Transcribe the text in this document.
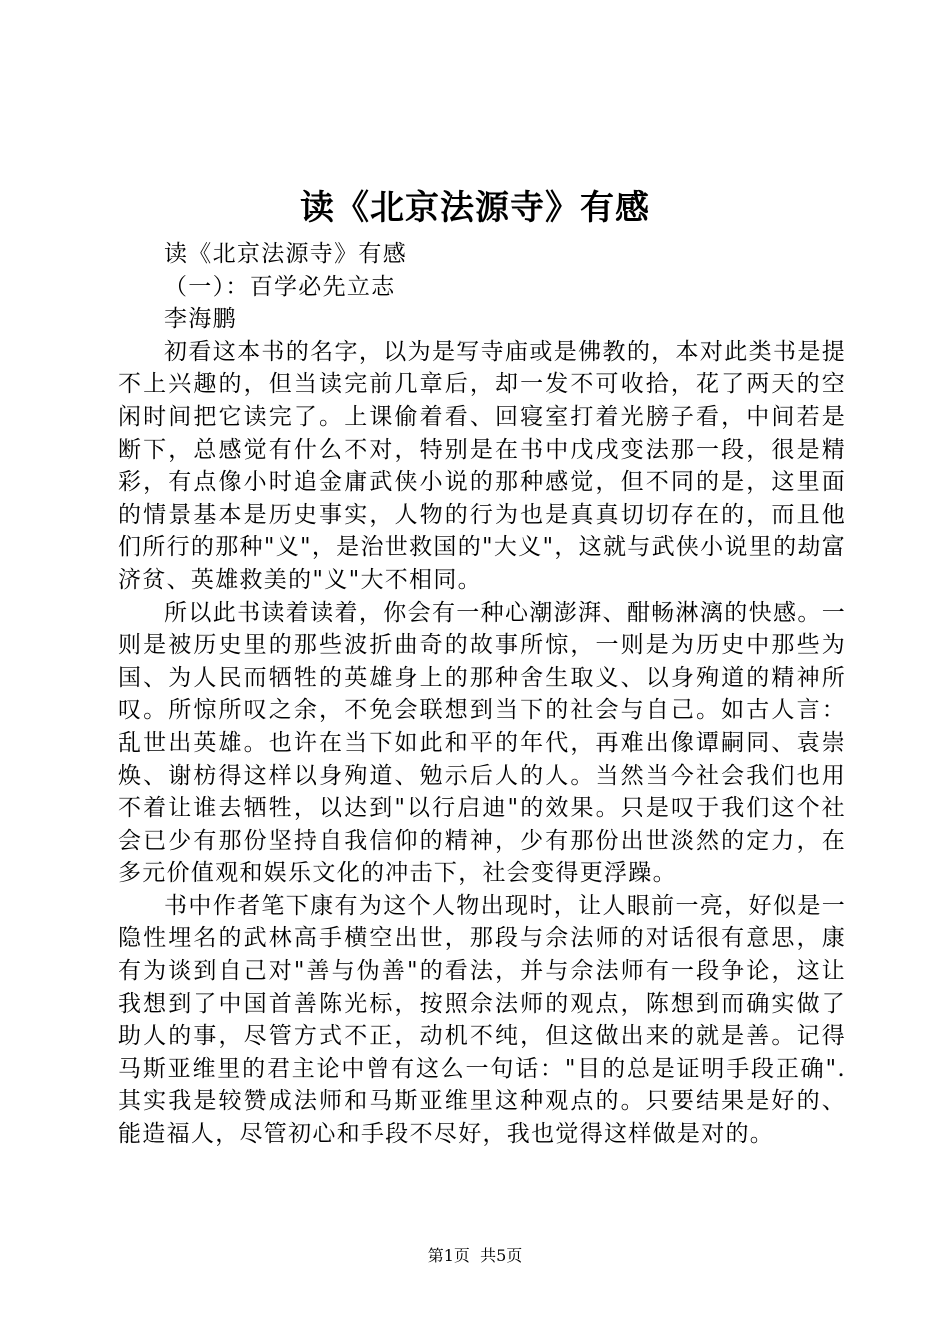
读《北京法源寺》有感

读《北京法源寺》有感

（一）：百学必先立志

李海鹏

初看这本书的名字，以为是写寺庙或是佛教的，本对此类书是提不上兴趣的，但当读完前几章后，却一发不可收拾，花了两天的空闲时间把它读完了。上课偷着看、回寝室打着光膀子看，中间若是断下，总感觉有什么不对，特别是在书中戊戌变法那一段，很是精彩，有点像小时追金庸武侠小说的那种感觉，但不同的是，这里面的情景基本是历史事实，人物的行为也是真真切切存在的，而且他们所行的那种"义"，是治世救国的"大义"，这就与武侠小说里的劫富济贫、英雄救美的"义"大不相同。

所以此书读着读着，你会有一种心潮澎湃、酣畅淋漓的快感。一则是被历史里的那些波折曲奇的故事所惊，一则是为历史中那些为国、为人民而牺牲的英雄身上的那种舍生取义、以身殉道的精神所叹。所惊所叹之余，不免会联想到当下的社会与自己。如古人言：乱世出英雄。也许在当下如此和平的年代，再难出像谭嗣同、袁崇焕、谢枋得这样以身殉道、勉示后人的人。当然当今社会我们也用不着让谁去牺牲，以达到"以行启迪"的效果。只是叹于我们这个社会已少有那份坚持自我信仰的精神，少有那份出世淡然的定力，在多元价值观和娱乐文化的冲击下，社会变得更浮躁。

书中作者笔下康有为这个人物出现时，让人眼前一亮，好似是一隐性埋名的武林高手横空出世，那段与佘法师的对话很有意思，康有为谈到自己对"善与伪善"的看法，并与佘法师有一段争论，这让我想到了中国首善陈光标，按照佘法师的观点，陈想到而确实做了助人的事，尽管方式不正，动机不纯，但这做出来的就是善。记得马斯亚维里的君主论中曾有这么一句话："目的总是证明手段正确".其实我是较赞成法师和马斯亚维里这种观点的。只要结果是好的、能造福人，尽管初心和手段不尽好，我也觉得这样做是对的。

第1页 共5页
